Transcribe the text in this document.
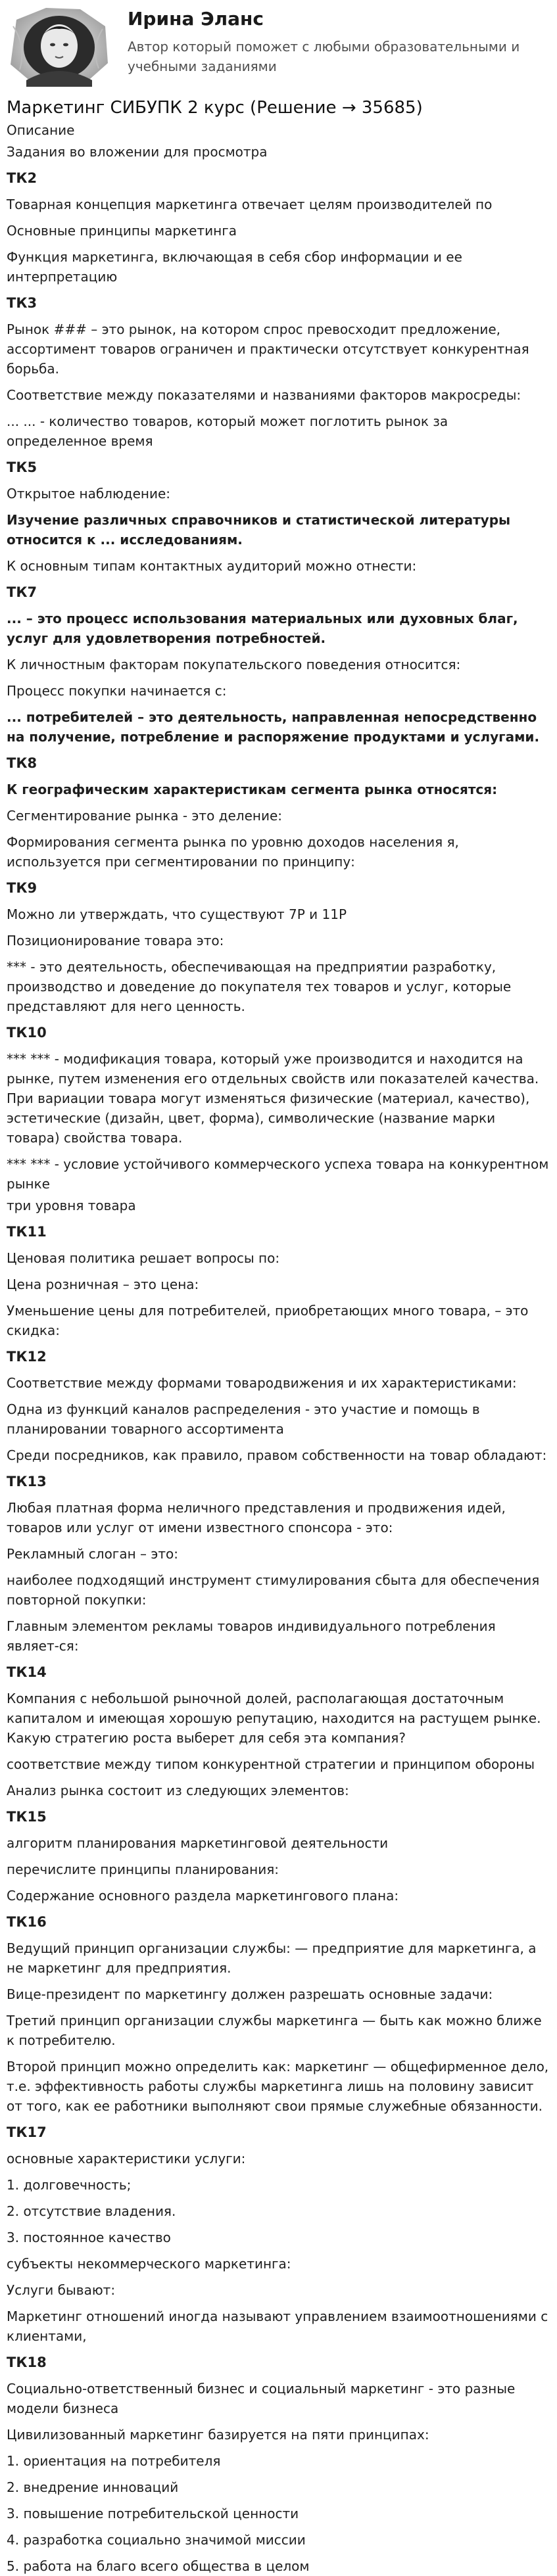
Ирина Эланс
Автор который поможет с любыми образовательными и учебными заданиями
Маркетинг СИБУПК 2 курс (Решение → 35685)
Описание
Задания во вложении для просмотра
ТК2
Товарная концепция маркетинга отвечает целям производителей по
Основные принципы маркетинга
Функция маркетинга, включающая в себя сбор информации и ее интерпретацию
ТК3
Рынок ### – это рынок, на котором спрос превосходит предложение, ассортимент товаров ограничен и практически отсутствует конкурентная борьба.
Соответствие между показателями и названиями факторов макросреды:
... ... - количество товаров, который может поглотить рынок за определенное время
ТК5
Открытое наблюдение:
Изучение различных справочников и статистической литературы относится к ... исследованиям.
К основным типам контактных аудиторий можно отнести:
ТК7
... – это процесс использования материальных или духовных благ, услуг для удовлетворения потребностей.
К личностным факторам покупательского поведения относится:
Процесс покупки начинается с:
... потребителей – это деятельность, направленная непосредственно на получение, потребление и распоряжение продуктами и услугами.
ТК8
К географическим характеристикам сегмента рынка относятся:
Сегментирование рынка - это деление:
Формирования сегмента рынка по уровню доходов населения я, используется при сегментировании по принципу:
ТК9
Можно ли утверждать, что существуют 7P и 11P
Позиционирование товара это:
*** - это деятельность, обеспечивающая на предприятии разработку, производство и доведение до покупателя тех товаров и услуг, которые представляют для него ценность.
ТК10
*** *** - модификация товара, который уже производится и находится на рынке, путем изменения его отдельных свойств или показателей качества. При вариации товара могут изменяться физические (материал, качество), эстетические (дизайн, цвет, форма), символические (название марки товара) свойства товара.
*** *** - условие устойчивого коммерческого успеха товара на конкурентном рынке
три уровня товара
ТК11
Ценовая политика решает вопросы по:
Цена розничная – это цена:
Уменьшение цены для потребителей, приобретающих много товара, – это скидка:
ТК12
Соответствие между формами товародвижения и их характеристиками:
Одна из функций каналов распределения - это участие и помощь в планировании товарного ассортимента
Среди посредников, как правило, правом собственности на товар обладают:
ТК13
Любая платная форма неличного представления и продвижения идей, товаров или услуг от имени известного спонсора - это:
Рекламный слоган – это:
наиболее подходящий инструмент стимулирования сбыта для обеспечения повторной покупки:
Главным элементом рекламы товаров индивидуального потребления являет-ся:
ТК14
Компания с небольшой рыночной долей, располагающая достаточным капиталом и имеющая хорошую репутацию, находится на растущем рынке. Какую стратегию роста выберет для себя эта компания?
соответствие между типом конкурентной стратегии и принципом обороны
Анализ рынка состоит из следующих элементов:
ТК15
алгоритм планирования маркетинговой деятельности
перечислите принципы планирования:
Содержание основного раздела маркетингового плана:
ТК16
Ведущий принцип организации службы: — предприятие для маркетинга, а не маркетинг для предприятия.
Вице-президент по маркетингу должен разрешать основные задачи:
Третий принцип организации службы маркетинга — быть как можно ближе к потребителю.
Второй принцип можно определить как: маркетинг — общефирменное дело, т.е. эффективность работы службы маркетинга лишь на половину зависит от того, как ее работники выполняют свои прямые служебные обязанности.
ТК17
основные характеристики услуги:
1. долговечность;
2. отсутствие владения.
3. постоянное качество
субъекты некоммерческого маркетинга:
Услуги бывают:
Маркетинг отношений иногда называют управлением взаимоотношениями с клиентами,
ТК18
Социально-ответственный бизнес и социальный маркетинг - это разные модели бизнеса
Цивилизованный маркетинг базируется на пяти принципах:
1. ориентация на потребителя
2. внедрение инноваций
3. повышение потребительской ценности
4. разработка социально значимой миссии
5. работа на благо всего общества в целом
